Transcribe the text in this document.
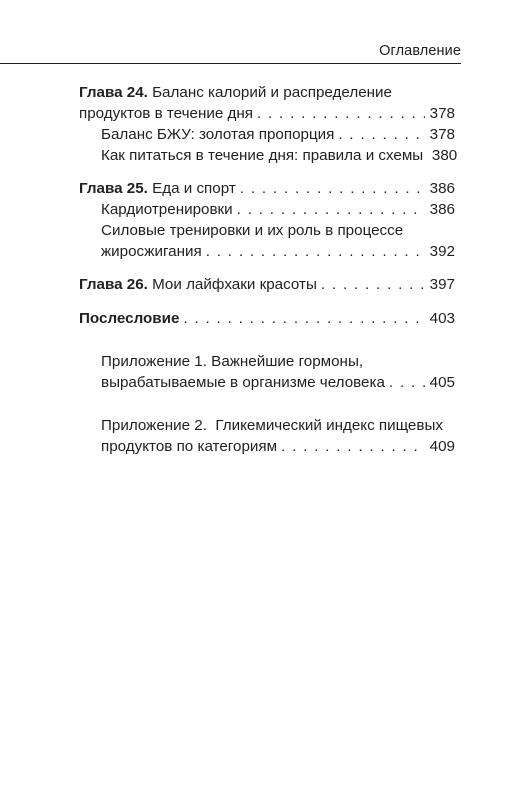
Оглавление
Глава 24. Баланс калорий и распределение
продуктов в течение дня . . .	378
Баланс БЖУ: золотая пропорция . . .	378
Как питаться в течение дня: правила и схемы 380
Глава 25. Еда и спорт . . .	386
Кардиотренировки . . .	386
Силовые тренировки и их роль в процессе
жиросжигания . . .	392
Глава 26. Мои лайфхаки красоты . . .	397
Послесловие . . .	403
Приложение 1. Важнейшие гормоны,
вырабатываемые в организме человека . . .	405
Приложение 2.  Гликемический индекс пищевых
продуктов по категориям . . .	409
